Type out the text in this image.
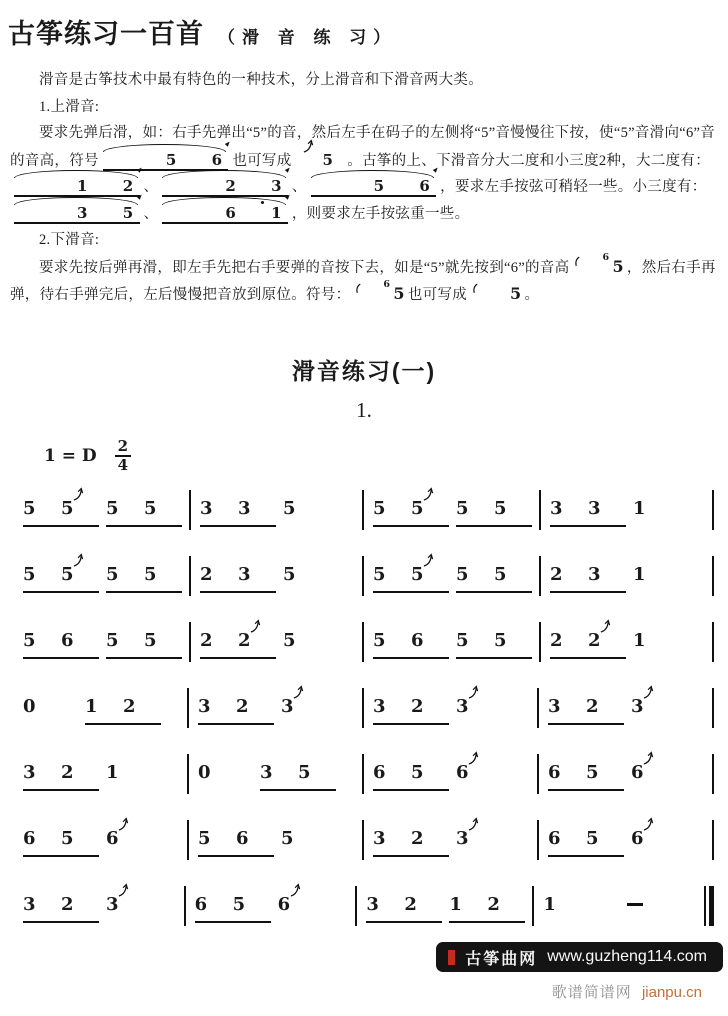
古筝练习一百首 （滑 音 练 习）

滑音是古筝技术中最有特色的一种技术，分上滑音和下滑音两大类。

1.上滑音:

要求先弹后滑，如：右手先弹出“5”的音，然后左手在码子的左侧将“5”音慢慢往下按，使“5”音滑向“6”音的音高，符号	5 6 也可写成 5 。古筝的上、下滑音分大二度和小三度2种，大二度有：1 2 、	2 3 、	5 6 ，要求左手按弦可稍轻一些。小三度有：3 5 、	6 1 ，则要求左手按弦重一些。

2.下滑音:

要求先按后弹再滑，即左手先把右手要弹的音按下去，如是“5”就先按到“6”的音高
6 5 ，然后右手再弹，待右手弹完后，左后慢慢把音放到原位。符号：
6 5 也可写成	5 。

滑音练习(一)
1.
1 = D $\frac{2}{4}$
5	5	5	5	3	3	5	5	5	5	5	3	3	1
5	5	5	5	2	3	5	5	5	5	5	2	3	1
5	6	5	5	2	2	5	5	6	5	5	2	2	1
0	1	2	3	2	3	3	2	3	3	2	3
3	2	1	0	3	5	6	5	6	6	5	6
6	5	6	5	6	5	3	2	3	6	5	6
3	2	3	6	5	6	3	2	1	2	1
古筝曲网 www.guzheng114.com
歌谱简谱网 jianpu.cn
